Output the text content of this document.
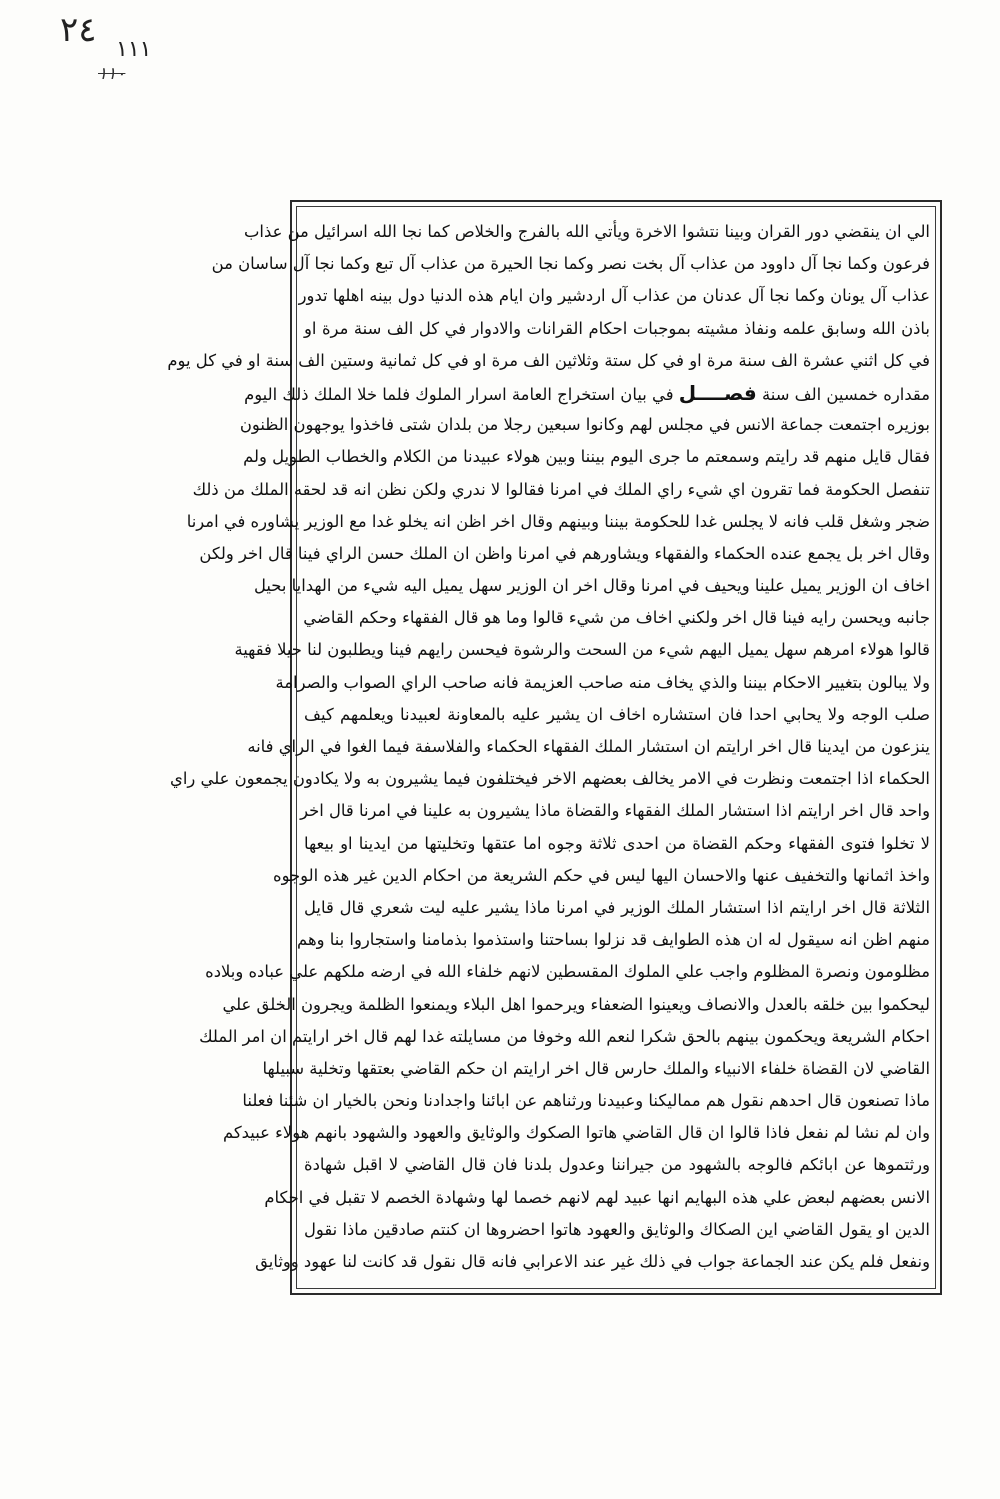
٢٤ ١١١
١١٠
الي ان ينقضي دور القران وبينا نتشوا الاخرة ويأتي الله بالفرج والخلاص كما نجا الله اسرائيل من عذاب
فرعون وكما نجا آل داوود من عذاب آل بخت نصر وكما نجا الحيرة من عذاب آل تبع وكما نجا آل ساسان من
عذاب آل يونان وكما نجا آل عدنان من عذاب آل اردشير وان ايام هذه الدنيا دول بينه اهلها تدور
باذن الله وسابق علمه ونفاذ مشيته بموجبات احكام القرانات والادوار في كل الف سنة مرة او
في كل اثني عشرة الف سنة مرة او في كل ستة وثلاثين الف مرة او في كل ثمانية وستين الف سنة او في كل يوم
مقداره خمسين الف سنة فصــــل في بيان استخراج العامة اسرار الملوك فلما خلا الملك ذلك اليوم
بوزيره اجتمعت جماعة الانس في مجلس لهم وكانوا سبعين رجلا من بلدان شتى فاخذوا يوجهون الظنون
فقال قايل منهم قد رايتم وسمعتم ما جرى اليوم بيننا وبين هولاء عبيدنا من الكلام والخطاب الطويل ولم
تنفصل الحكومة فما تقرون اي شيء راي الملك في امرنا فقالوا لا ندري ولكن نظن انه قد لحقه الملك من ذلك
ضجر وشغل قلب فانه لا يجلس غدا للحكومة بيننا وبينهم وقال اخر اظن انه يخلو غدا مع الوزير يشاوره في امرنا
وقال اخر بل يجمع عنده الحكماء والفقهاء ويشاورهم في امرنا واظن ان الملك حسن الراي فينا قال اخر ولكن
اخاف ان الوزير يميل علينا ويحيف في امرنا وقال اخر ان الوزير سهل يميل اليه شيء من الهدايا بحيل
جانبه ويحسن رايه فينا قال اخر ولكني اخاف من شيء قالوا وما هو قال الفقهاء وحكم القاضي
قالوا هولاء امرهم سهل يميل اليهم شيء من السحت والرشوة فيحسن رايهم فينا ويطلبون لنا حيلا فقهية
ولا يبالون بتغيير الاحكام بيننا والذي يخاف منه صاحب العزيمة فانه صاحب الراي الصواب والصرامة
صلب الوجه ولا يحابي احدا فان استشاره اخاف ان يشير عليه بالمعاونة لعبيدنا ويعلمهم كيف
ينزعون من ايدينا قال اخر ارايتم ان استشار الملك الفقهاء الحكماء والفلاسفة فيما الغوا في الراي فانه
الحكماء اذا اجتمعت ونظرت في الامر يخالف بعضهم الاخر فيختلفون فيما يشيرون به ولا يكادون يجمعون علي راي
واحد قال اخر ارايتم اذا استشار الملك الفقهاء والقضاة ماذا يشيرون به علينا في امرنا قال اخر
لا تخلوا فتوى الفقهاء وحكم القضاة من احدى ثلاثة وجوه اما عتقها وتخليتها من ايدينا او بيعها
واخذ اثمانها والتخفيف عنها والاحسان اليها ليس في حكم الشريعة من احكام الدين غير هذه الوجوه
الثلاثة قال اخر ارايتم اذا استشار الملك الوزير في امرنا ماذا يشير عليه ليت شعري قال قايل
منهم اظن انه سيقول له ان هذه الطوايف قد نزلوا بساحتنا واستذموا بذمامنا واستجاروا بنا وهم
مظلومون ونصرة المظلوم واجب علي الملوك المقسطين لانهم خلفاء الله في ارضه ملكهم علي عباده وبلاده
ليحكموا بين خلقه بالعدل والانصاف ويعينوا الضعفاء ويرحموا اهل البلاء ويمنعوا الظلمة ويجرون الخلق علي
احكام الشريعة ويحكمون بينهم بالحق شكرا لنعم الله وخوفا من مسايلته غدا لهم قال اخر ارايتم ان امر الملك
القاضي لان القضاة خلفاء الانبياء والملك حارس قال اخر ارايتم ان حكم القاضي بعتقها وتخلية سبيلها
ماذا تصنعون قال احدهم نقول هم مماليكنا وعبيدنا ورثناهم عن ابائنا واجدادنا ونحن بالخيار ان شئنا فعلنا
وان لم نشا لم نفعل فاذا قالوا ان قال القاضي هاتوا الصكوك والوثايق والعهود والشهود بانهم هولاء عبيدكم
ورثتموها عن ابائكم فالوجه بالشهود من جيراننا وعدول بلدنا فان قال القاضي لا اقبل شهادة
الانس بعضهم لبعض علي هذه البهايم انها عبيد لهم لانهم خصما لها وشهادة الخصم لا تقبل في احكام
الدين او يقول القاضي اين الصكاك والوثايق والعهود هاتوا احضروها ان كنتم صادقين ماذا نقول
ونفعل فلم يكن عند الجماعة جواب في ذلك غير عند الاعرابي فانه قال نقول قد كانت لنا عهود ووثايق
